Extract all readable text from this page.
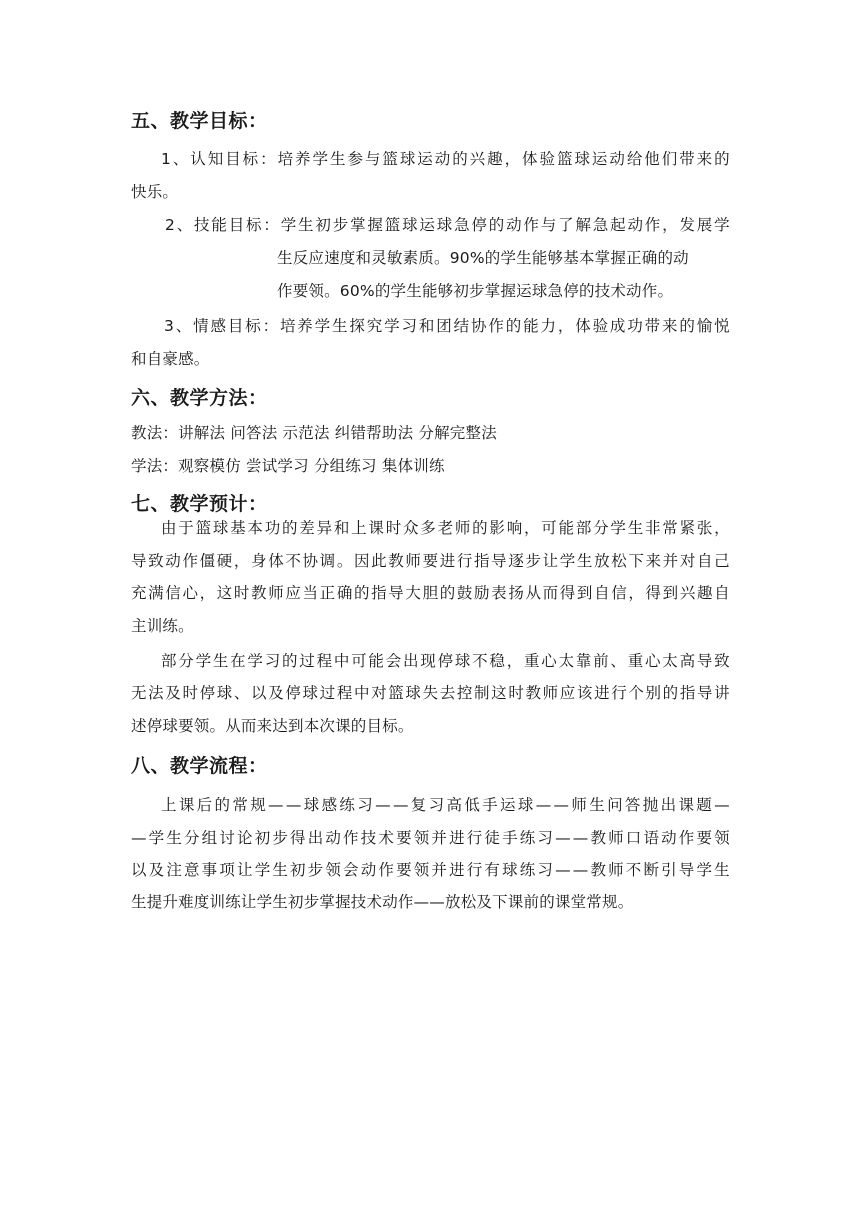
五、教学目标：
1、认知目标：培养学生参与篮球运动的兴趣，体验篮球运动给他们带来的
快乐。
2、技能目标：学生初步掌握篮球运球急停的动作与了解急起动作，发展学
生反应速度和灵敏素质。90%的学生能够基本掌握正确的动
作要领。60%的学生能够初步掌握运球急停的技术动作。
3、情感目标：培养学生探究学习和团结协作的能力，体验成功带来的愉悦
和自豪感。
六、教学方法：
教法：讲解法 问答法 示范法 纠错帮助法 分解完整法
学法：观察模仿 尝试学习 分组练习 集体训练
七、教学预计：
由于篮球基本功的差异和上课时众多老师的影响，可能部分学生非常紧张，
导致动作僵硬，身体不协调。因此教师要进行指导逐步让学生放松下来并对自己
充满信心，这时教师应当正确的指导大胆的鼓励表扬从而得到自信，得到兴趣自
主训练。
部分学生在学习的过程中可能会出现停球不稳，重心太靠前、重心太高导致
无法及时停球、以及停球过程中对篮球失去控制这时教师应该进行个别的指导讲
述停球要领。从而来达到本次课的目标。
八、教学流程：
上课后的常规——球感练习——复习高低手运球——师生问答抛出课题—
—学生分组讨论初步得出动作技术要领并进行徒手练习——教师口语动作要领
以及注意事项让学生初步领会动作要领并进行有球练习——教师不断引导学生
生提升难度训练让学生初步掌握技术动作——放松及下课前的课堂常规。
